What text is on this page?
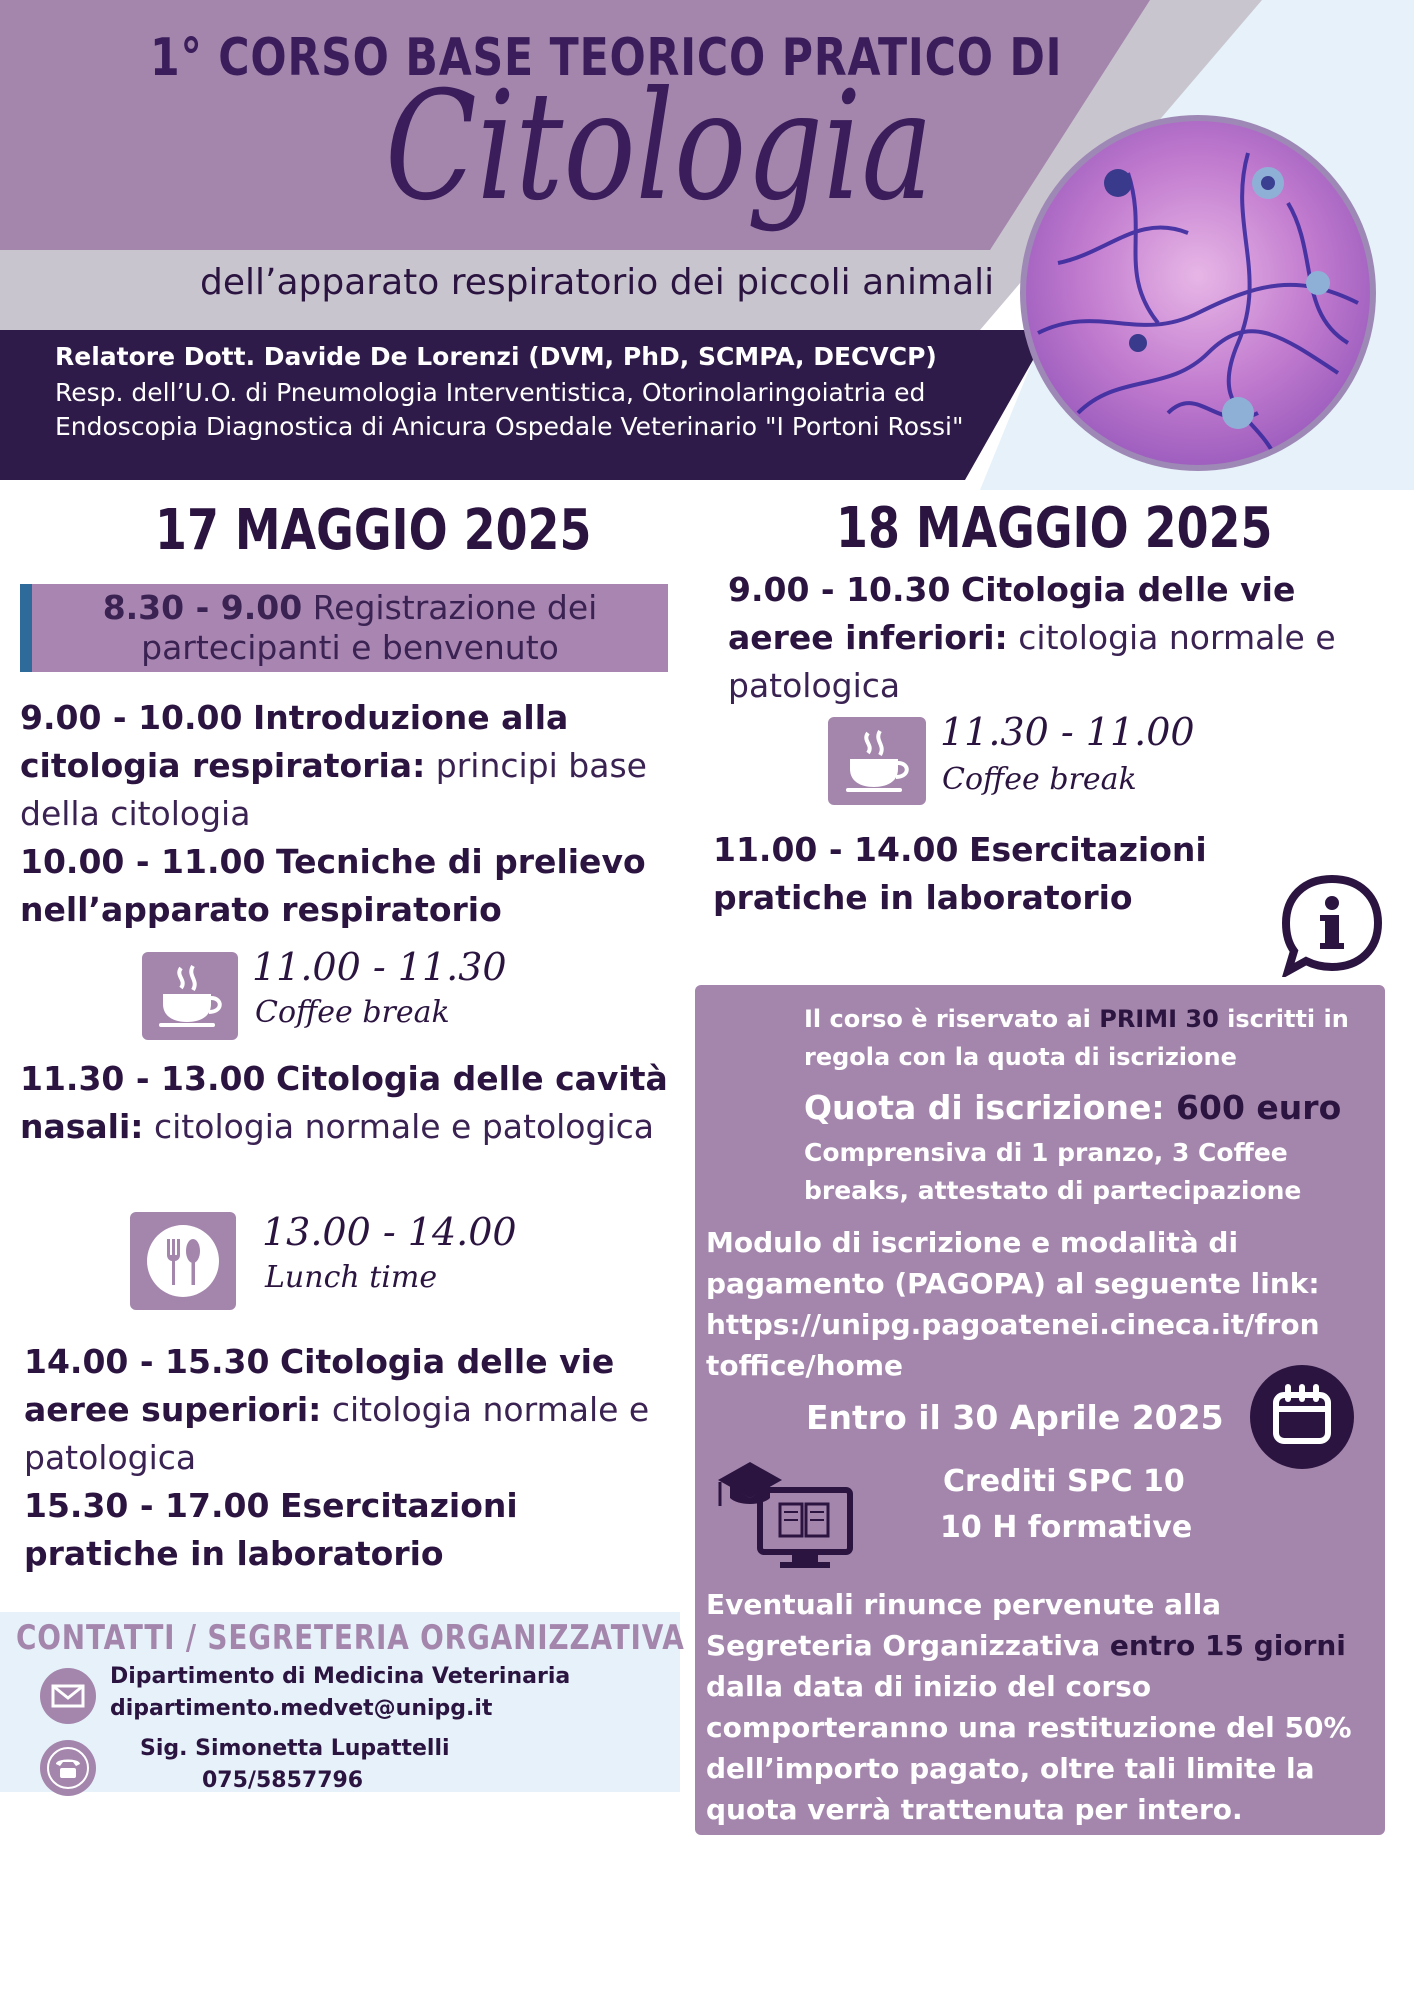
1° CORSO BASE TEORICO PRATICO DI
Citologia
dell’apparato respiratorio dei piccoli animali
Relatore Dott. Davide De Lorenzi (DVM, PhD, SCMPA, DECVCP)
Resp. dell’U.O. di Pneumologia Interventistica, Otorinolaringoiatria ed Endoscopia Diagnostica di Anicura Ospedale Veterinario "I Portoni Rossi"
17 MAGGIO 2025
8.30 - 9.00 Registrazione dei partecipanti e benvenuto
9.00 - 10.00 Introduzione alla citologia respiratoria: principi base della citologia
10.00 - 11.00 Tecniche di prelievo nell’apparato respiratorio
11.00 - 11.30
Coffee break
11.30 - 13.00 Citologia delle cavità nasali: citologia normale e patologica
13.00 - 14.00
Lunch time
14.00 - 15.30 Citologia delle vie aeree superiori: citologia normale e patologica
15.30 - 17.00 Esercitazioni pratiche in laboratorio
CONTATTI / SEGRETERIA ORGANIZZATIVA
Dipartimento di Medicina Veterinaria
dipartimento.medvet@unipg.it
Sig. Simonetta Lupattelli
075/5857796
18 MAGGIO 2025
9.00 - 10.30 Citologia delle vie aeree inferiori: citologia normale e patologica
11.30 - 11.00
Coffee break
11.00 - 14.00 Esercitazioni pratiche in laboratorio
Il corso è riservato ai PRIMI 30 iscritti in regola con la quota di iscrizione
Quota di iscrizione: 600 euro
Comprensiva di 1 pranzo, 3 Coffee breaks, attestato di partecipazione
Modulo di iscrizione e modalità di pagamento (PAGOPA) al seguente link:
https://unipg.pagoatenei.cineca.it/fron
toffice/home
Entro il 30 Aprile 2025
Crediti SPC 10
10 H formative
Eventuali rinunce pervenute alla
Segreteria Organizzativa entro 15 giorni
dalla data di inizio del corso
comporteranno una restituzione del 50%
dell’importo pagato, oltre tali limite la
quota verrà trattenuta per intero.
